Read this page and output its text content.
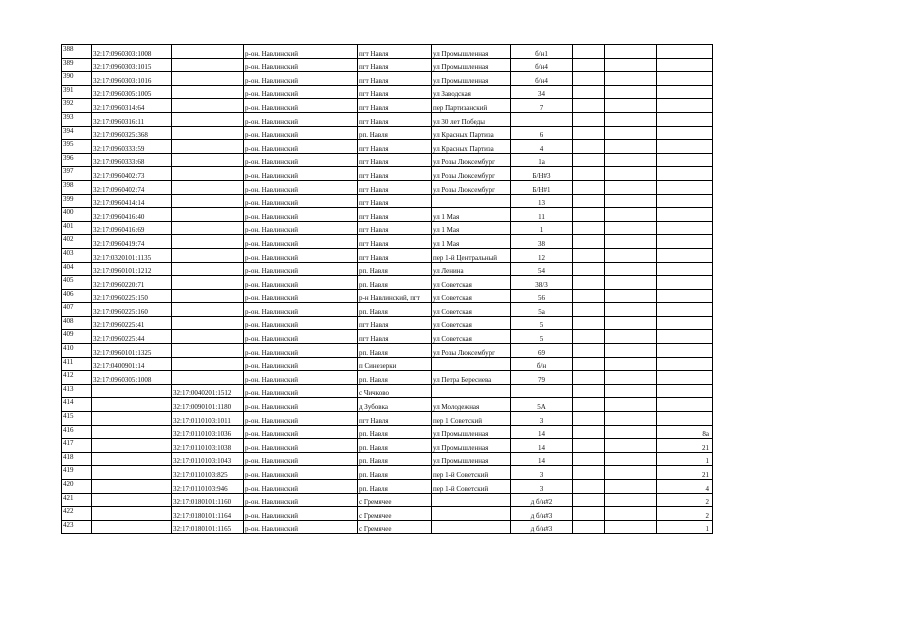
388	32:17:0960303:1008		р-он. Навлинский	пгт Навля	ул Промышленная	б/н1			
389	32:17:0960303:1015		р-он. Навлинский	пгт Навля	ул Промышленная	б/н4			
390	32:17:0960303:1016		р-он. Навлинский	пгт Навля	ул Промышленная	б/н4			
391	32:17:0960305:1005		р-он. Навлинский	пгт Навля	ул Заводская	34			
392	32:17:0960314:64		р-он. Навлинский	пгт Навля	пер Партизанский	7			
393	32:17:0960316:11		р-он. Навлинский	пгт Навля	ул 30 лет Победы				
394	32:17:0960325:368		р-он. Навлинский	рп. Навля	ул Красных Партиза	6			
395	32:17:0960333:59		р-он. Навлинский	пгт Навля	ул Красных Партиза	4			
396	32:17:0960333:68		р-он. Навлинский	пгт Навля	ул Розы Люксембург	1а			
397	32:17:0960402:73		р-он. Навлинский	пгт Навля	ул Розы Люксембург	Б/Н#3			
398	32:17:0960402:74		р-он. Навлинский	пгт Навля	ул Розы Люксембург	Б/Н#1			
399	32:17:0960414:14		р-он. Навлинский	пгт Навля		13			
400	32:17:0960416:40		р-он. Навлинский	пгт Навля	ул 1 Мая	11			
401	32:17:0960416:69		р-он. Навлинский	пгт Навля	ул 1 Мая	1			
402	32:17:0960419:74		р-он. Навлинский	пгт Навля	ул 1 Мая	38			
403	32:17:0320101:1135		р-он. Навлинский	пгт Навля	пер 1-й Центральный	12			
404	32:17:0960101:1212		р-он. Навлинский	рп. Навля	ул Ленина	54			
405	32:17:0960220:71		р-он. Навлинский	рп. Навля	ул Советская	38/3			
406	32:17:0960225:150		р-он. Навлинский	р-н Навлинский, пгт	ул Советская	56			
407	32:17:0960225:160		р-он. Навлинский	рп. Навля	ул Советская	5а			
408	32:17:0960225:41		р-он. Навлинский	пгт Навля	ул Советская	5			
409	32:17:0960225:44		р-он. Навлинский	пгт Навля	ул Советская	5			
410	32:17:0960101:1325		р-он. Навлинский	рп. Навля	ул Розы Люксембург	69			
411	32:17:0400901:14		р-он. Навлинский	п Синезерки		б/н			
412	32:17:0960305:1008		р-он. Навлинский	рп. Навля	ул Петра Бересиева	79			
413		32:17:0040201:1512	р-он. Навлинский	с Чичково					
414		32:17:0090101:1180	р-он. Навлинский	д Зубовка	ул Молодежная	5А			
415		32:17:0110103:1011	р-он. Навлинский	пгт Навля	пер 1 Советский	3			
416		32:17:0110103:1036	р-он. Навлинский	рп. Навля	ул Промышленная	14			8а
417		32:17:0110103:1038	р-он. Навлинский	рп. Навля	ул Промышленная	14			21
418		32:17:0110103:1043	р-он. Навлинский	рп. Навля	ул Промышленная	14			1
419		32:17:0110103:825	р-он. Навлинский	рп. Навля	пер 1-й Советский	3			21
420		32:17:0110103:946	р-он. Навлинский	рп. Навля	пер 1-й Советский	3			4
421		32:17:0180101:1160	р-он. Навлинский	с Гремячее		д б/н#2			2
422		32:17:0180101:1164	р-он. Навлинский	с Гремячее		д б/н#3			2
423		32:17:0180101:1165	р-он. Навлинский	с Гремячее		д б/н#3			1
